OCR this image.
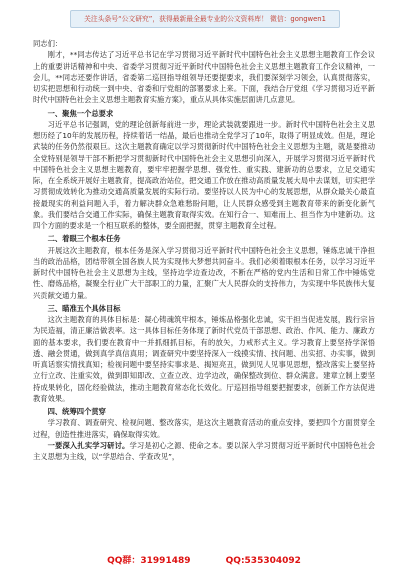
关注头条号“公文研究”，获得最新最全最专业的公文资料库！ 微信：gongwen1

同志们：

刚才，**同志传达了习近平总书记在学习贯彻习近平新时代中国特色社会主义思想主题教育工作会议上的重要讲话精神和中央、省委学习贯彻习近平新时代中国特色社会主义思想主题教育工作会议精神，一会儿，**同志还要作讲话，省委第二巡回指导组领导还要提要求，我们要深刻学习领会，认真贯彻落实，切实把思想和行动统一到中央、省委和厅党组的部署要求上来。下面，我结合厅党组《学习贯彻习近平新时代中国特色社会主义思想主题教育实施方案》，重点从具体实施层面讲几点意见。

一、聚焦一个总要求

习近平总书记强调，党的理论创新每前进一步，理论武装就要跟进一步。新时代中国特色社会主义思想历经了10年的发展历程，持续着话一结晶，最后也推动全党学习了10年，取得了明显成效。但是，理论武装的任务仍然很艰巨。这次主题教育确定以学习贯彻新时代中国特色社会主义思想为主题，就是要推动全党特别是领导干部不断把学习贯彻新时代中国特色社会主义思想引向深入，开展学习贯彻习近平新时代中国特色社会主义思想主题教育，要牢牢把握学思想、强党性、重实践、建新功的总要求，立足交通实际，在全系统开展好主题教育，提高政治站位，把交通工作放在推动高质量发展大局中去谋划，切实把学习贯彻成效转化为推动交通高质量发展的实际行动。要坚持以人民为中心的发展思想，从群众最关心最直接最现实的利益问题入手，着力解决群众急难愁盼问题，让人民群众感受到主题教育带来的新变化新气象。我们要结合交通工作实际，确保主题教育取得实效。在知行合一、知难而上、担当作为中建新功。这四个方面的要求是一个相互联系的整体，要全面把握，贯穿主题教育全过程。

二、着眼三个根本任务

开展这次主题教育，根本任务是深入学习贯彻习近平新时代中国特色社会主义思想，锤炼忠诚干净担当的政治品格，团结带领全国各族人民为实现伟大梦想共同奋斗。我们必须着眼根本任务，以学习习近平新时代中国特色社会主义思想为主线，坚持边学边查边改，不断在严格的党内生活和日常工作中锤炼党性、磨炼品格，凝聚全行业广大干部职工的力量，汇聚广大人民群众的支持伟力，为实现中华民族伟大复兴贡献交通力量。

三、瞄准五个具体目标

这次主题教育的具体目标是：凝心铸魂筑牢根本，锤炼品格强化忠诚，实干担当促进发展，践行宗旨为民造福，清正廉洁做表率。这一具体目标任务体现了新时代党员干部思想、政治、作风、能力、廉政方面的基本要求，我们要在教育中一并抓细抓目标，有的放矢，力戒形式主义。学习教育上要坚持学深悟透、融会贯通，做到真学真信真用；调查研究中要坚持深入一线摸实情、找问题、出实招、办实事，做到听真话察实情找真知；检视问题中要坚持实事求是、揭短亮丑，做到见人见事见思想，整改落实上要坚持立行立改、注重实效，做到即知即改、立查立改、边学边改，确保整改到位、群众满意。建章立制上要坚持成果转化，固化经验做法，推动主题教育常态化长效化。厅巡回指导组要把握要求，创新工作方法促进教育效果。

四、统筹四个贯穿

学习教育、调查研究、检视问题、整改落实，是这次主题教育活动的重点安排，要把四个方面贯穿全过程，创造性推进落实，确保取得实效。

一要深入扎实学习研讨。学习是初心之源、使命之本。要以深入学习贯彻习近平新时代中国特色社会主义思想为主线，以“学思结合、学查改见”，

QQ群：31991489	QQ:535304092
